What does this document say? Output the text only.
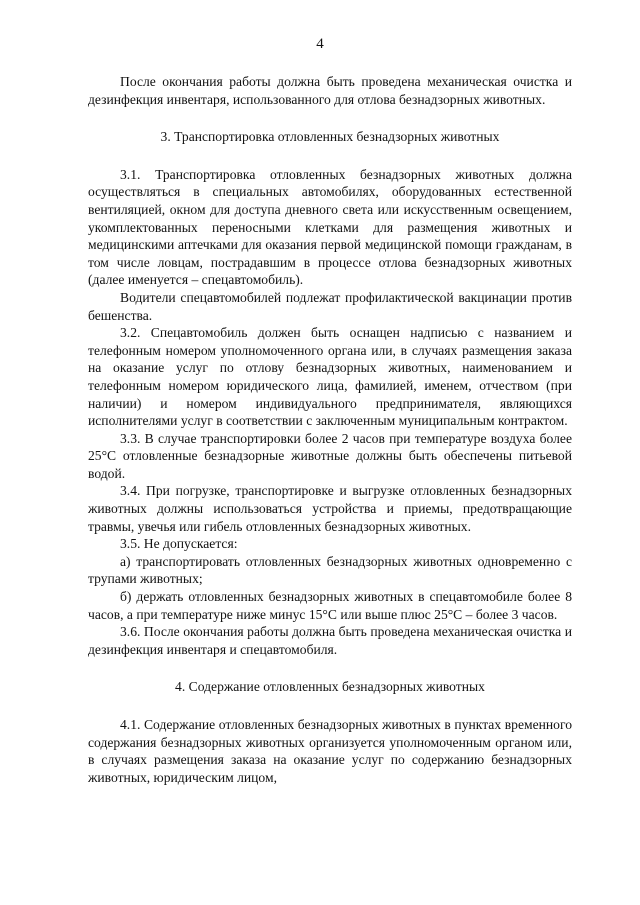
4

После окончания работы должна быть проведена механическая очистка и дезинфекция инвентаря, использованного для отлова безнадзорных животных.

3. Транспортировка отловленных безнадзорных животных

3.1. Транспортировка отловленных безнадзорных животных должна осуществляться в специальных автомобилях, оборудованных естественной вентиляцией, окном для доступа дневного света или искусственным освещением, укомплектованных переносными клетками для размещения животных и медицинскими аптечками для оказания первой медицинской помощи гражданам, в том числе ловцам, пострадавшим в процессе отлова безнадзорных животных (далее именуется – спецавтомобиль).

Водители спецавтомобилей подлежат профилактической вакцинации против бешенства.

3.2. Спецавтомобиль должен быть оснащен надписью с названием и телефонным номером уполномоченного органа или, в случаях размещения заказа на оказание услуг по отлову безнадзорных животных, наименованием и телефонным номером юридического лица, фамилией, именем, отчеством (при наличии) и номером индивидуального предпринимателя, являющихся исполнителями услуг в соответствии с заключенным муниципальным контрактом.

3.3. В случае транспортировки более 2 часов при температуре воздуха более 25°С отловленные безнадзорные животные должны быть обеспечены питьевой водой.

3.4. При погрузке, транспортировке и выгрузке отловленных безнадзорных животных должны использоваться устройства и приемы, предотвращающие травмы, увечья или гибель отловленных безнадзорных животных.

3.5. Не допускается:

а) транспортировать отловленных безнадзорных животных одновременно с трупами животных;

б) держать отловленных безнадзорных животных в спецавтомобиле более 8 часов, а при температуре ниже минус 15°С или выше плюс 25°С – более 3 часов.

3.6. После окончания работы должна быть проведена механическая очистка и дезинфекция инвентаря и спецавтомобиля.

4. Содержание отловленных безнадзорных животных

4.1. Содержание отловленных безнадзорных животных в пунктах временного содержания безнадзорных животных организуется уполномоченным органом или, в случаях размещения заказа на оказание услуг по содержанию безнадзорных животных, юридическим лицом,
